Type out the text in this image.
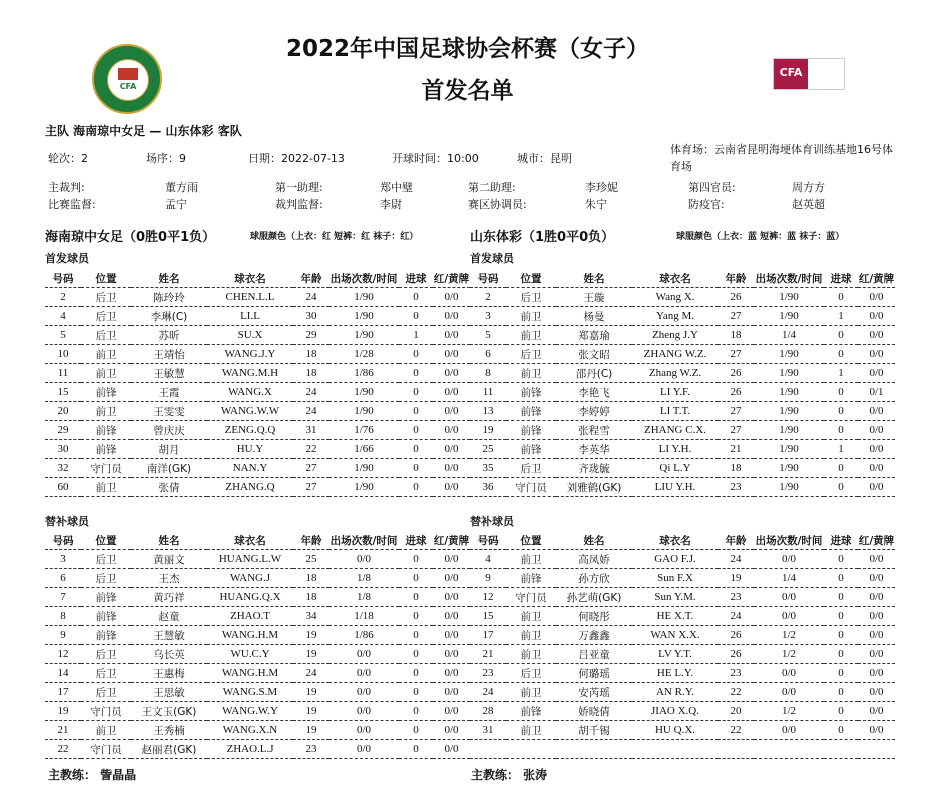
CFA
CFA
2022年中国足球协会杯赛（女子）
首发名单
主队 海南琼中女足 — 山东体彩 客队
轮次：2	场序：9	日期：2022-07-13	开球时间：10:00	城市：昆明
体育场：云南省昆明海埂体育训练基地16号体
育场
主裁判:	董方雨	第一助理:	郑中璧	第二助理:	李珍妮	第四官员:	周方方
比赛监督:	孟宁	裁判监督:	李尉	赛区协调员:	朱宁	防疫官:	赵英超
海南琼中女足（0胜0平1负）	球服颜色（上衣：红 短裤：红 袜子：红）	山东体彩（1胜0平0负）	球服颜色（上衣：蓝 短裤：蓝 袜子：蓝）
首发球员	首发球员
替补球员	替补球员
号码	位置	姓名	球衣名	年龄	出场次数/时间	进球	红/黄牌
2	后卫	陈玲玲	CHEN.L.L	24	1/90	0	0/0
4	后卫	李琳(C)	LI.L	30	1/90	0	0/0
5	后卫	苏昕	SU.X	29	1/90	1	0/0
10	前卫	王靖怡	WANG.J.Y	18	1/28	0	0/0
11	前卫	王敏慧	WANG.M.H	18	1/86	0	0/0
15	前锋	王霞	WANG.X	24	1/90	0	0/0
20	前卫	王雯雯	WANG.W.W	24	1/90	0	0/0
29	前锋	曾庆庆	ZENG.Q.Q	31	1/76	0	0/0
30	前锋	胡月	HU.Y	22	1/66	0	0/0
32	守门员	南洋(GK)	NAN.Y	27	1/90	0	0/0
60	前卫	张倩	ZHANG.Q	27	1/90	0	0/0
号码	位置	姓名	球衣名	年龄	出场次数/时间	进球	红/黄牌
2	后卫	王璇	Wang X.	26	1/90	0	0/0
3	前卫	杨曼	Yang M.	27	1/90	1	0/0
5	前卫	郑嘉瑜	Zheng J.Y	18	1/4	0	0/0
6	后卫	张文昭	ZHANG W.Z.	27	1/90	0	0/0
8	前卫	邵丹(C)	Zhang W.Z.	26	1/90	1	0/0
11	前锋	李艳飞	LI Y.F.	26	1/90	0	0/1
13	前锋	李婷婷	LI T.T.	27	1/90	0	0/0
19	前锋	张程雪	ZHANG C.X.	27	1/90	0	0/0
25	前锋	李英华	LI Y.H.	21	1/90	1	0/0
35	后卫	齐珑毓	Qi L.Y	18	1/90	0	0/0
36	守门员	刘雅鹤(GK)	LIU Y.H.	23	1/90	0	0/0
号码	位置	姓名	球衣名	年龄	出场次数/时间	进球	红/黄牌
3	后卫	黄丽文	HUANG.L.W	25	0/0	0	0/0
6	后卫	王杰	WANG.J	18	1/8	0	0/0
7	前锋	黄巧祥	HUANG.Q.X	18	1/8	0	0/0
8	前锋	赵童	ZHAO.T	34	1/18	0	0/0
9	前锋	王慧敏	WANG.H.M	19	1/86	0	0/0
12	后卫	乌长英	WU.C.Y	19	0/0	0	0/0
14	后卫	王惠梅	WANG.H.M	24	0/0	0	0/0
17	后卫	王思敏	WANG.S.M	19	0/0	0	0/0
19	守门员	王文玉(GK)	WANG.W.Y	19	0/0	0	0/0
21	前卫	王秀楠	WANG.X.N	19	0/0	0	0/0
22	守门员	赵丽君(GK)	ZHAO.L.J	23	0/0	0	0/0
号码	位置	姓名	球衣名	年龄	出场次数/时间	进球	红/黄牌
4	前卫	高凤娇	GAO F.J.	24	0/0	0	0/0
9	前锋	孙方欣	Sun F.X	19	1/4	0	0/0
12	守门员	孙艺萌(GK)	Sun Y.M.	23	0/0	0	0/0
15	前卫	何晓彤	HE X.T.	24	0/0	0	0/0
17	前卫	万鑫鑫	WAN X.X.	26	1/2	0	0/0
21	前卫	吕亚童	LV Y.T.	26	1/2	0	0/0
23	后卫	何璐瑶	HE L.Y.	23	0/0	0	0/0
24	前卫	安芮瑶	AN R.Y.	22	0/0	0	0/0
28	前锋	娇晓倩	JIAO X.Q.	20	1/2	0	0/0
31	前卫	胡千锡	HU Q.X.	22	0/0	0	0/0

主教练： 訾晶晶	主教练： 张涛
